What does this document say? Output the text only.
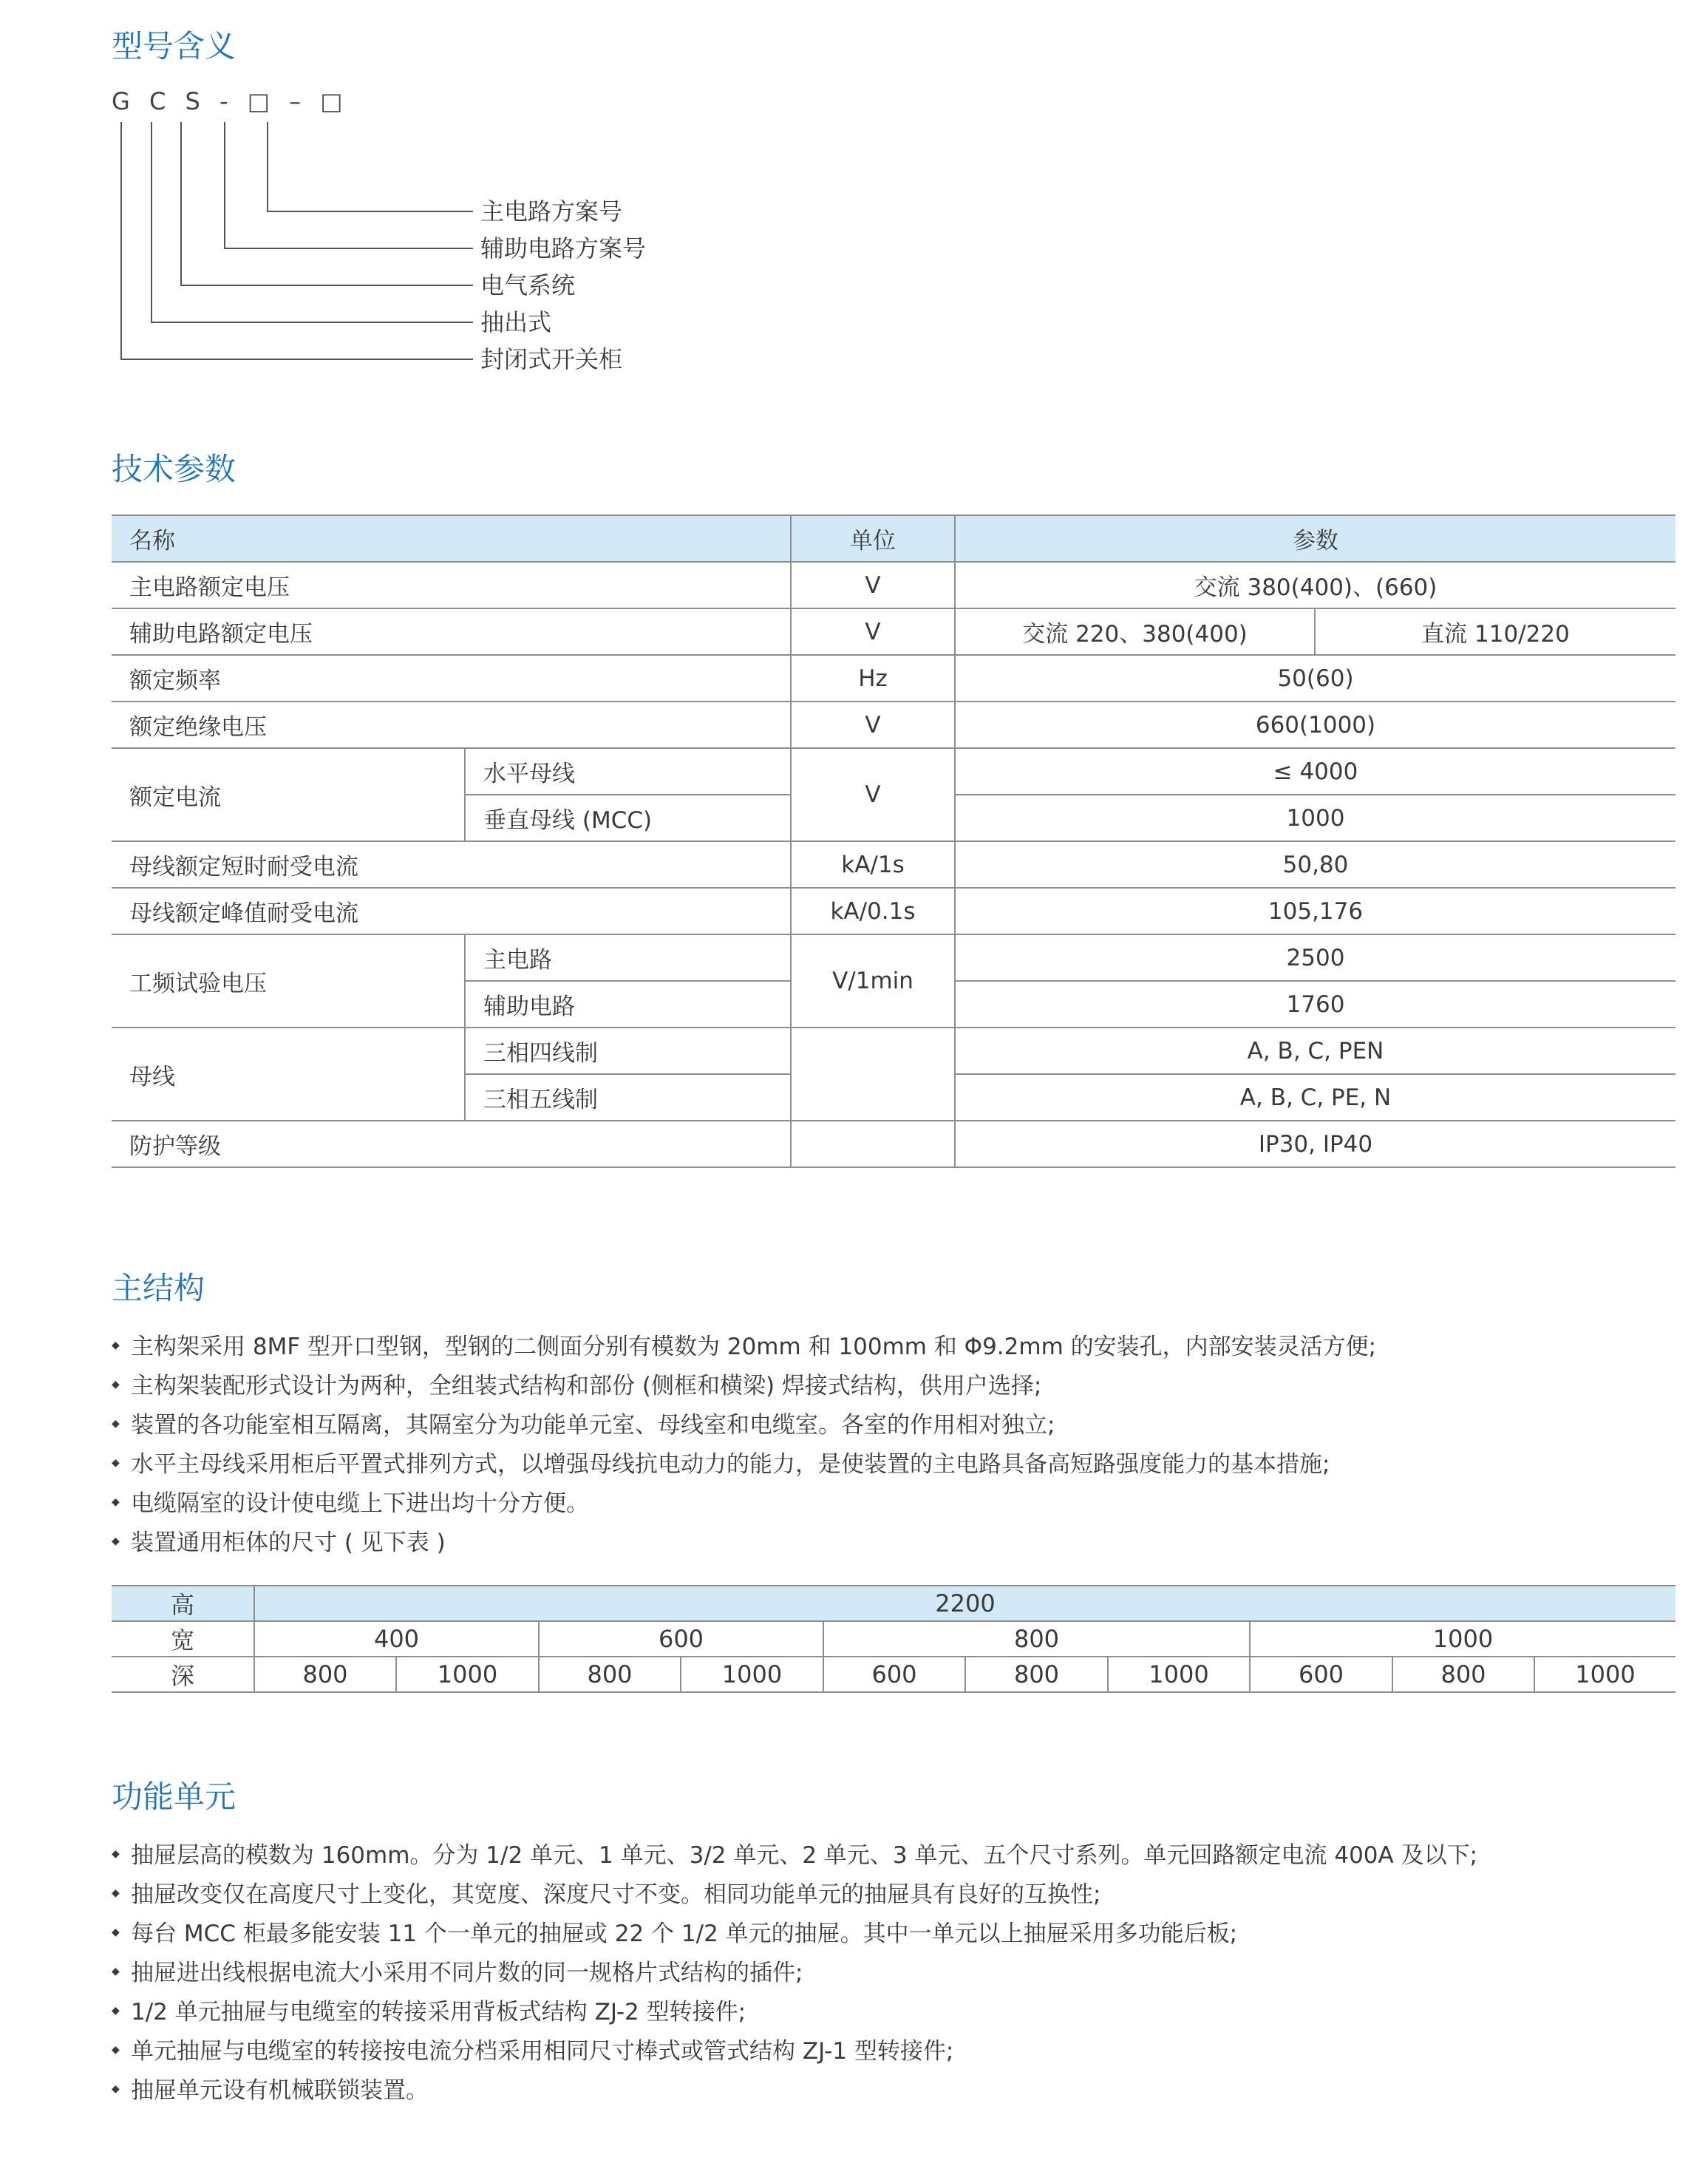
型号含义
G C S - □ – □
主电路方案号
辅助电路方案号
电气系统
抽出式
封闭式开关柜
技术参数
名称		单位	参数	
主电路额定电压		V	交流 380(400)、(660)	
辅助电路额定电压		V	交流 220、380(400)	直流 110/220
额定频率		Hz	50(60)	
额定绝缘电压		V	660(1000)	
额定电流	水平母线	V	≤ 4000	
	垂直母线 (MCC)		1000	
母线额定短时耐受电流		kA/1s	50,80	
母线额定峰值耐受电流		kA/0.1s	105,176	
工频试验电压	主电路	V/1min	2500	
	辅助电路		1760	
母线	三相四线制		A, B, C, PEN	
	三相五线制		A, B, C, PE, N	
防护等级			IP30, IP40	
主结构
◆ 主构架采用 8MF 型开口型钢，型钢的二侧面分别有模数为 20mm 和 100mm 和 Φ9.2mm 的安装孔，内部安装灵活方便;
◆ 主构架装配形式设计为两种，全组装式结构和部份 (侧框和横梁) 焊接式结构，供用户选择;
◆ 装置的各功能室相互隔离，其隔室分为功能单元室、母线室和电缆室。各室的作用相对独立;
◆ 水平主母线采用柜后平置式排列方式，以增强母线抗电动力的能力，是使装置的主电路具备高短路强度能力的基本措施;
◆ 电缆隔室的设计使电缆上下进出均十分方便。
◆ 装置通用柜体的尺寸 ( 见下表 )
高	2200									
宽	400		600		800			1000		
深	800	1000	800	1000	600	800	1000	600	800	1000
功能单元
◆ 抽屉层高的模数为 160mm。分为 1/2 单元、1 单元、3/2 单元、2 单元、3 单元、五个尺寸系列。单元回路额定电流 400A 及以下;
◆ 抽屉改变仅在高度尺寸上变化，其宽度、深度尺寸不变。相同功能单元的抽屉具有良好的互换性;
◆ 每台 MCC 柜最多能安装 11 个一单元的抽屉或 22 个 1/2 单元的抽屉。其中一单元以上抽屉采用多功能后板;
◆ 抽屉进出线根据电流大小采用不同片数的同一规格片式结构的插件;
◆ 1/2 单元抽屉与电缆室的转接采用背板式结构 ZJ-2 型转接件;
◆ 单元抽屉与电缆室的转接按电流分档采用相同尺寸棒式或管式结构 ZJ-1 型转接件;
◆ 抽屉单元设有机械联锁装置。
